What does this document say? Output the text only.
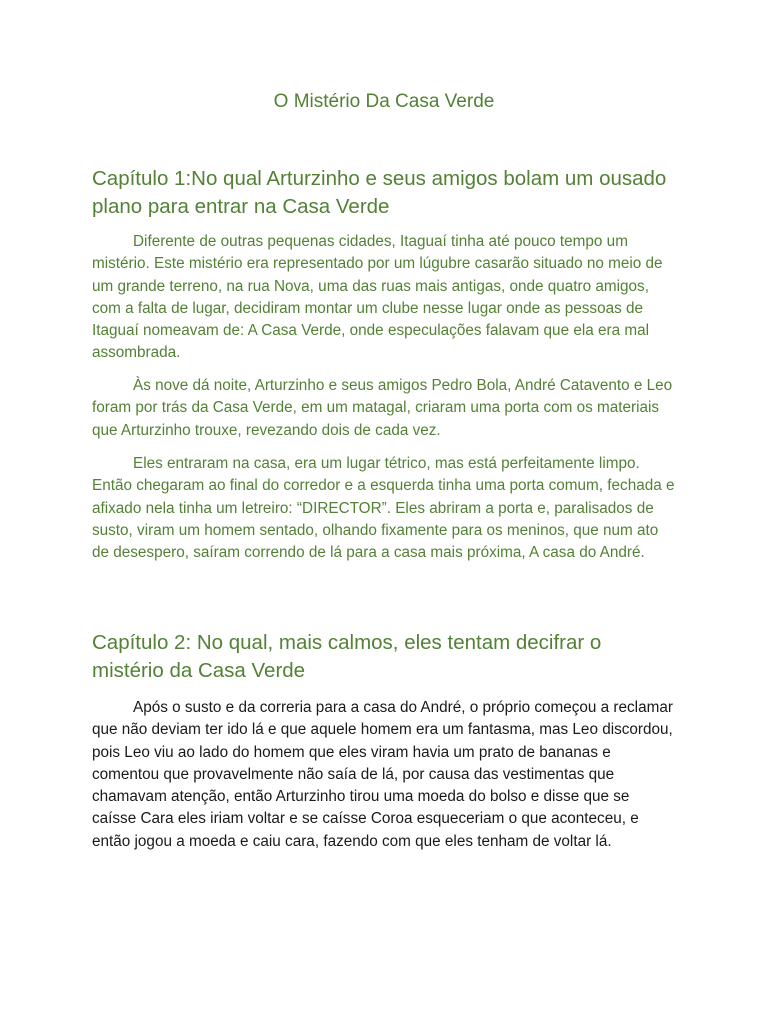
O Mistério Da Casa Verde
Capítulo 1:No qual Arturzinho e seus amigos bolam um ousado plano para entrar na Casa Verde

Diferente de outras pequenas cidades, Itaguaí tinha até pouco tempo um mistério. Este mistério era representado por um lúgubre casarão situado no meio de um grande terreno, na rua Nova, uma das ruas mais antigas, onde quatro amigos, com a falta de lugar, decidiram montar um clube nesse lugar onde as pessoas de Itaguaí nomeavam de: A Casa Verde, onde especulações falavam que ela era mal assombrada.

Às nove dá noite, Arturzinho e seus amigos Pedro Bola, André Catavento e Leo foram por trás da Casa Verde, em um matagal, criaram uma porta com os materiais que Arturzinho trouxe, revezando dois de cada vez.

Eles entraram na casa, era um lugar tétrico, mas está perfeitamente limpo. Então chegaram ao final do corredor e a esquerda tinha uma porta comum, fechada e afixado nela tinha um letreiro: “DIRECTOR”. Eles abriram a porta e, paralisados de susto, viram um homem sentado, olhando fixamente para os meninos, que num ato de desespero, saíram correndo de lá para a casa mais próxima, A casa do André.

Capítulo 2: No qual, mais calmos, eles tentam decifrar o mistério da Casa Verde

Após o susto e da correria para a casa do André, o próprio começou a reclamar que não deviam ter ido lá e que aquele homem era um fantasma, mas Leo discordou, pois Leo viu ao lado do homem que eles viram havia um prato de bananas e comentou que provavelmente não saía de lá, por causa das vestimentas que chamavam atenção, então Arturzinho tirou uma moeda do bolso e disse que se caísse Cara eles iriam voltar e se caísse Coroa esqueceriam o que aconteceu, e então jogou a moeda e caiu cara, fazendo com que eles tenham de voltar lá.
